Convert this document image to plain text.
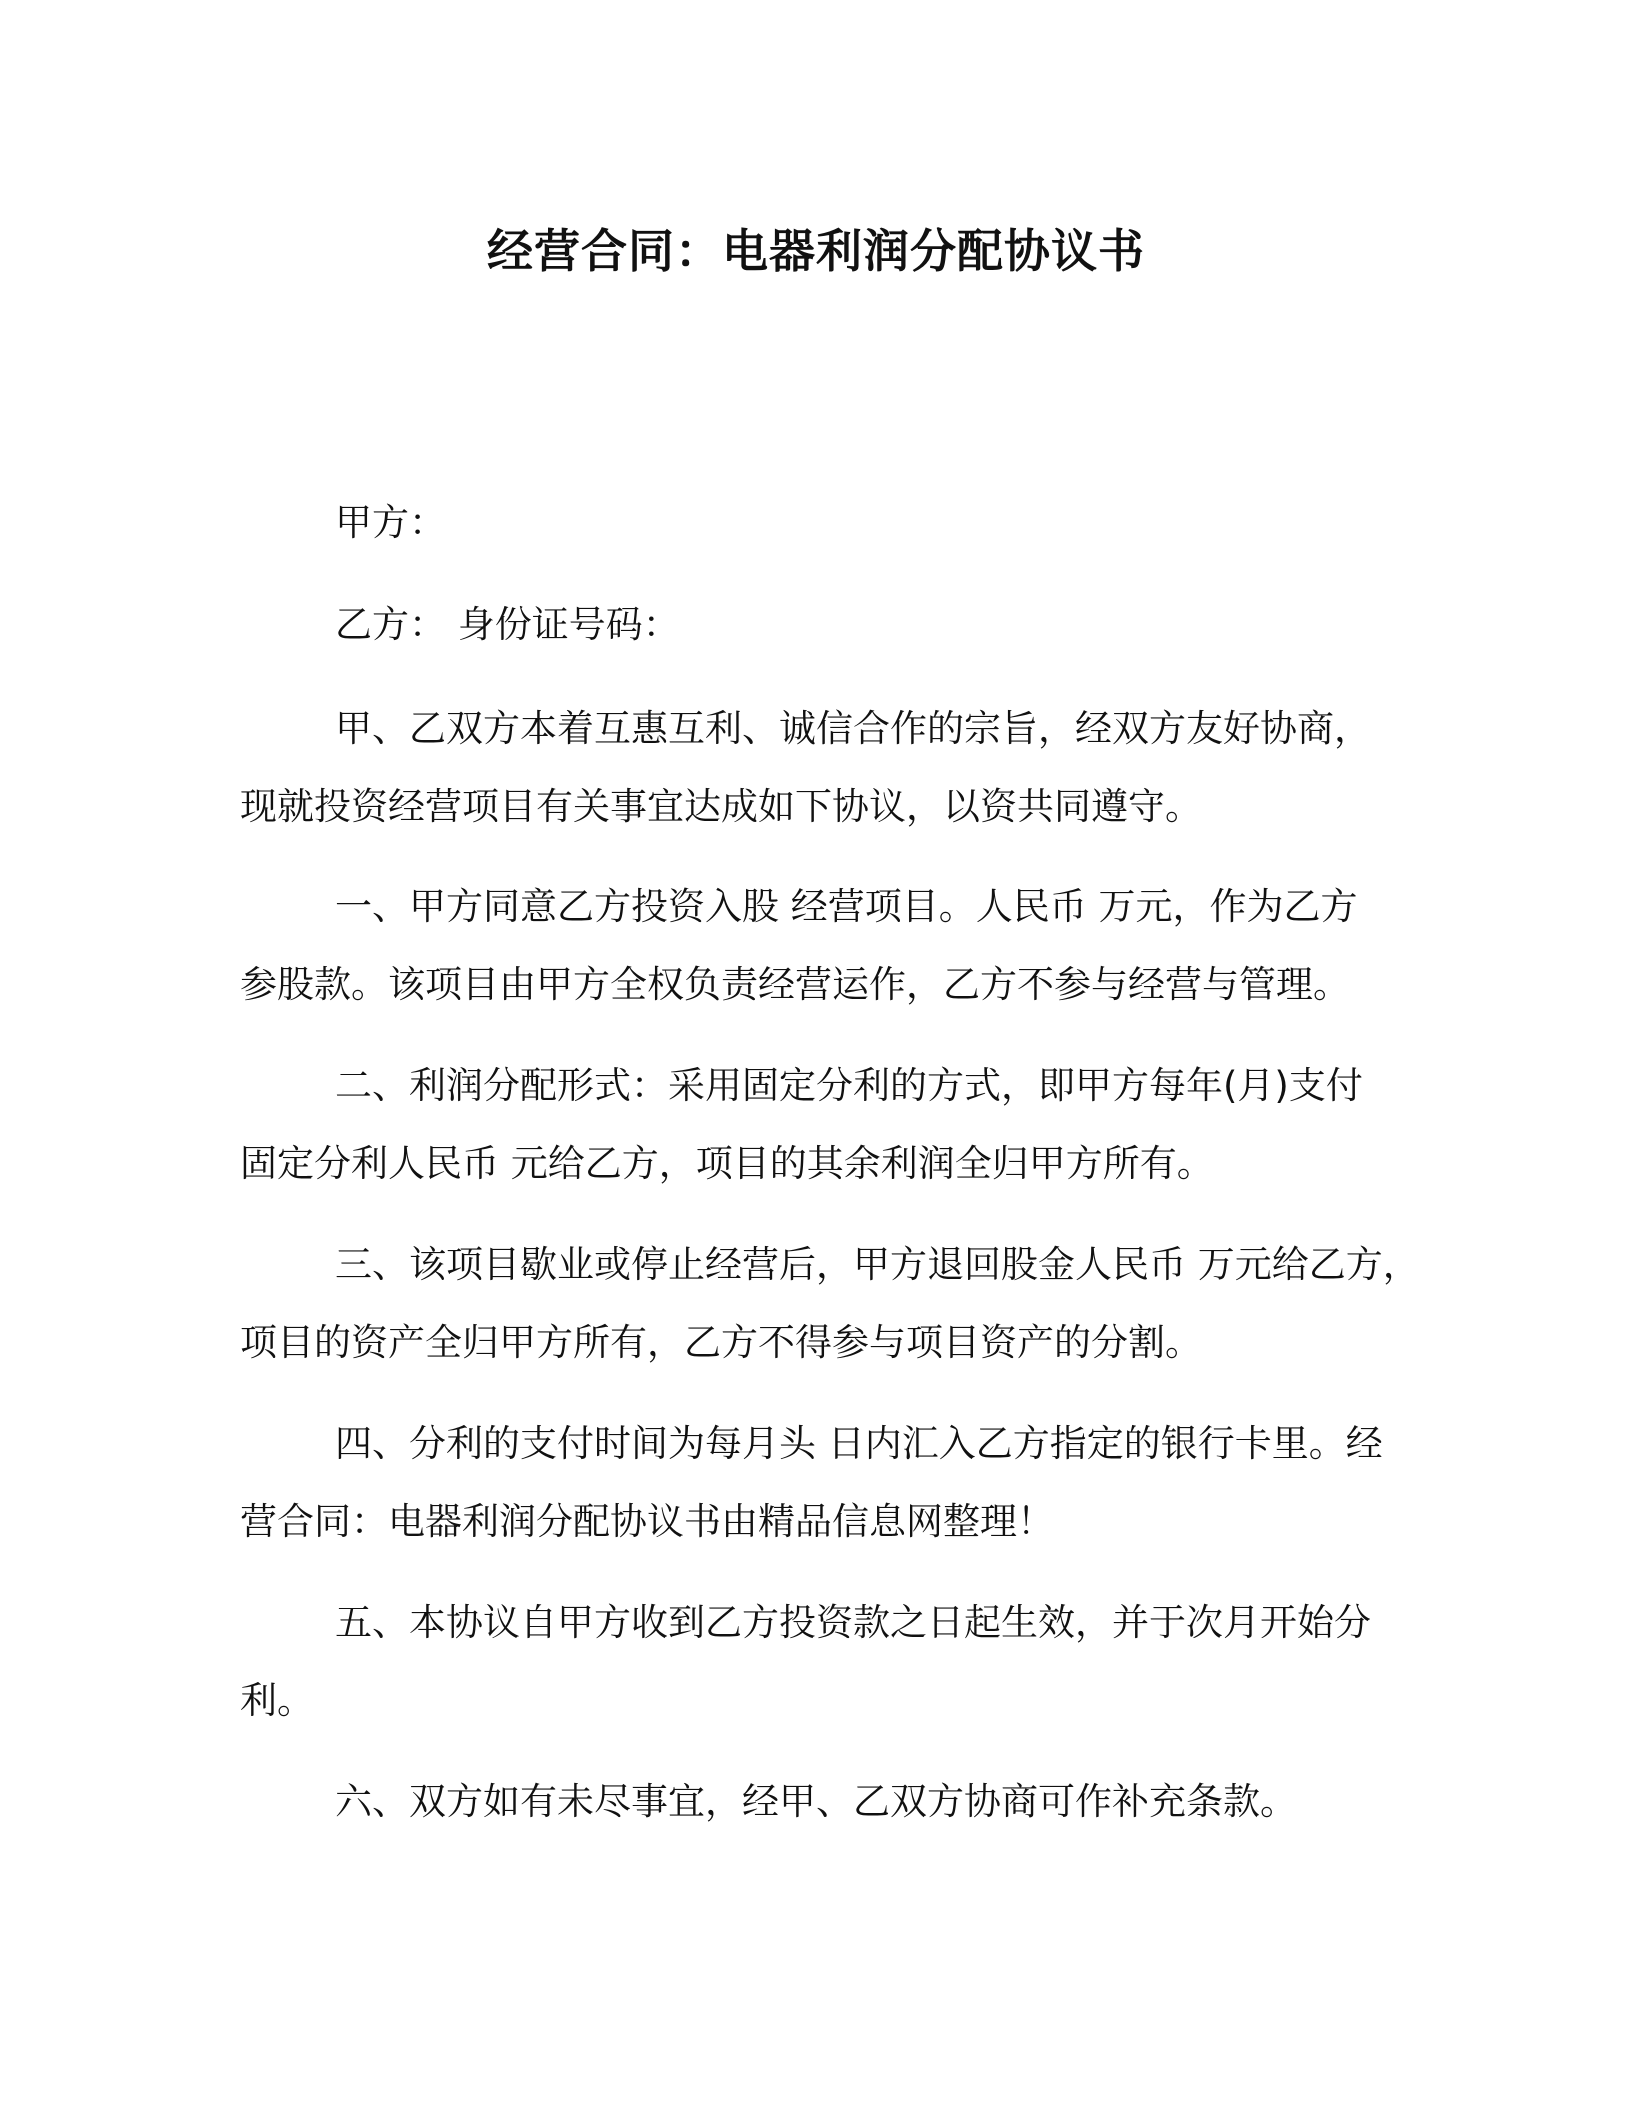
经营合同：电器利润分配协议书

甲方：

乙方： 身份证号码：

甲、乙双方本着互惠互利、诚信合作的宗旨，经双方友好协商，
现就投资经营项目有关事宜达成如下协议，以资共同遵守。
一、甲方同意乙方投资入股 经营项目。人民币 万元，作为乙方
参股款。该项目由甲方全权负责经营运作，乙方不参与经营与管理。
二、利润分配形式：采用固定分利的方式，即甲方每年(月)支付
固定分利人民币 元给乙方，项目的其余利润全归甲方所有。
三、该项目歇业或停止经营后，甲方退回股金人民币 万元给乙方，
项目的资产全归甲方所有，乙方不得参与项目资产的分割。
四、分利的支付时间为每月头 日内汇入乙方指定的银行卡里。经
营合同：电器利润分配协议书由精品信息网整理！
五、本协议自甲方收到乙方投资款之日起生效，并于次月开始分
利。
六、双方如有未尽事宜，经甲、乙双方协商可作补充条款。
